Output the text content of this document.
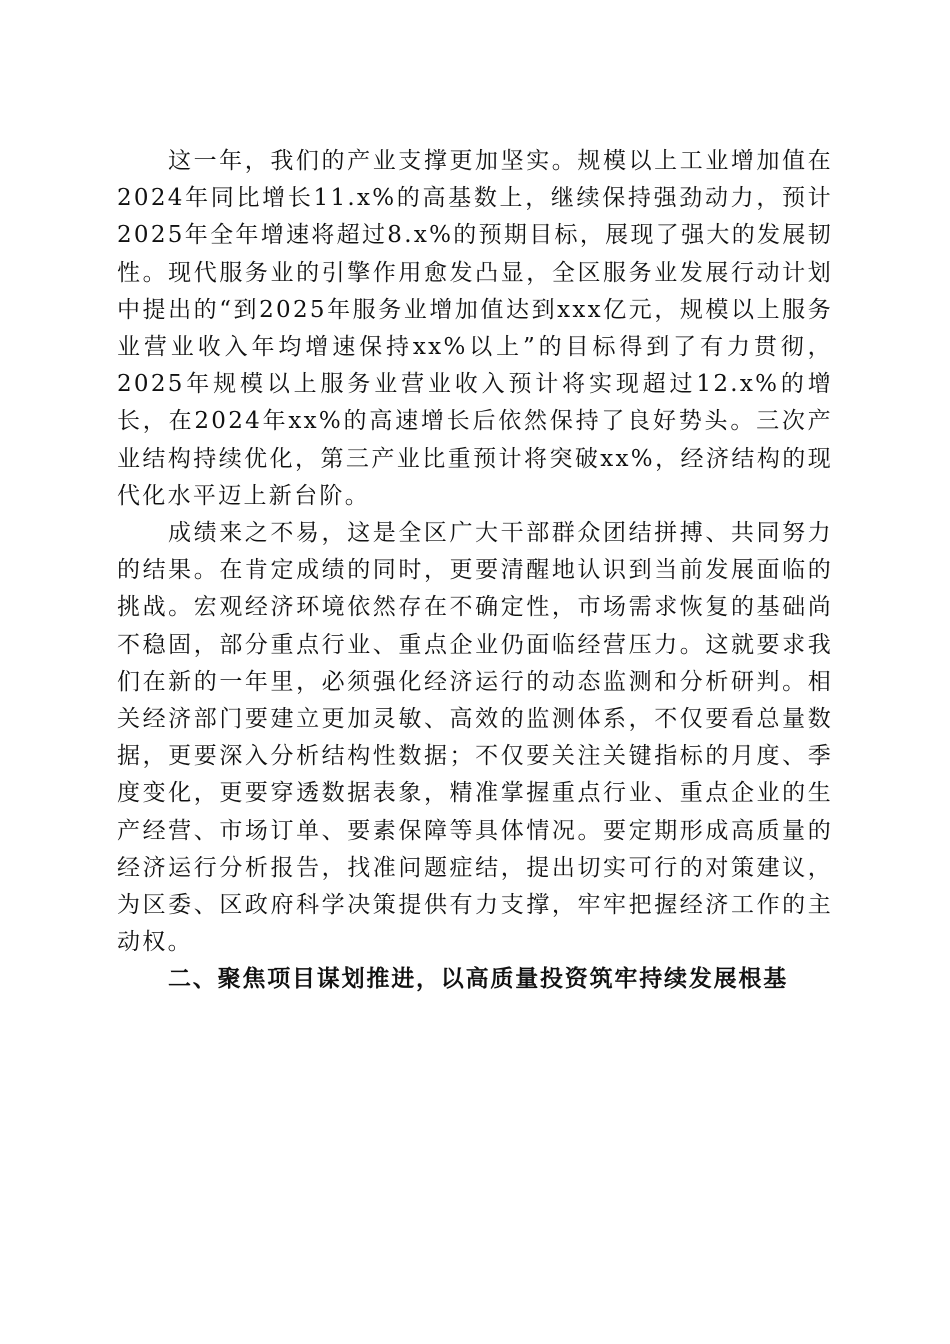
这一年，我们的产业支撑更加坚实。规模以上工业增加值在2024年同比增长11.x%的高基数上，继续保持强劲动力，预计2025年全年增速将超过8.x%的预期目标，展现了强大的发展韧性。现代服务业的引擎作用愈发凸显，全区服务业发展行动计划中提出的“到2025年服务业增加值达到xxx亿元，规模以上服务业营业收入年均增速保持xx%以上”的目标得到了有力贯彻，2025年规模以上服务业营业收入预计将实现超过12.x%的增长，在2024年xx%的高速增长后依然保持了良好势头。三次产业结构持续优化，第三产业比重预计将突破xx%，经济结构的现代化水平迈上新台阶。

成绩来之不易，这是全区广大干部群众团结拼搏、共同努力的结果。在肯定成绩的同时，更要清醒地认识到当前发展面临的挑战。宏观经济环境依然存在不确定性，市场需求恢复的基础尚不稳固，部分重点行业、重点企业仍面临经营压力。这就要求我们在新的一年里，必须强化经济运行的动态监测和分析研判。相关经济部门要建立更加灵敏、高效的监测体系，不仅要看总量数据，更要深入分析结构性数据；不仅要关注关键指标的月度、季度变化，更要穿透数据表象，精准掌握重点行业、重点企业的生产经营、市场订单、要素保障等具体情况。要定期形成高质量的经济运行分析报告，找准问题症结，提出切实可行的对策建议，为区委、区政府科学决策提供有力支撑，牢牢把握经济工作的主动权。

二、聚焦项目谋划推进，以高质量投资筑牢持续发展根基
